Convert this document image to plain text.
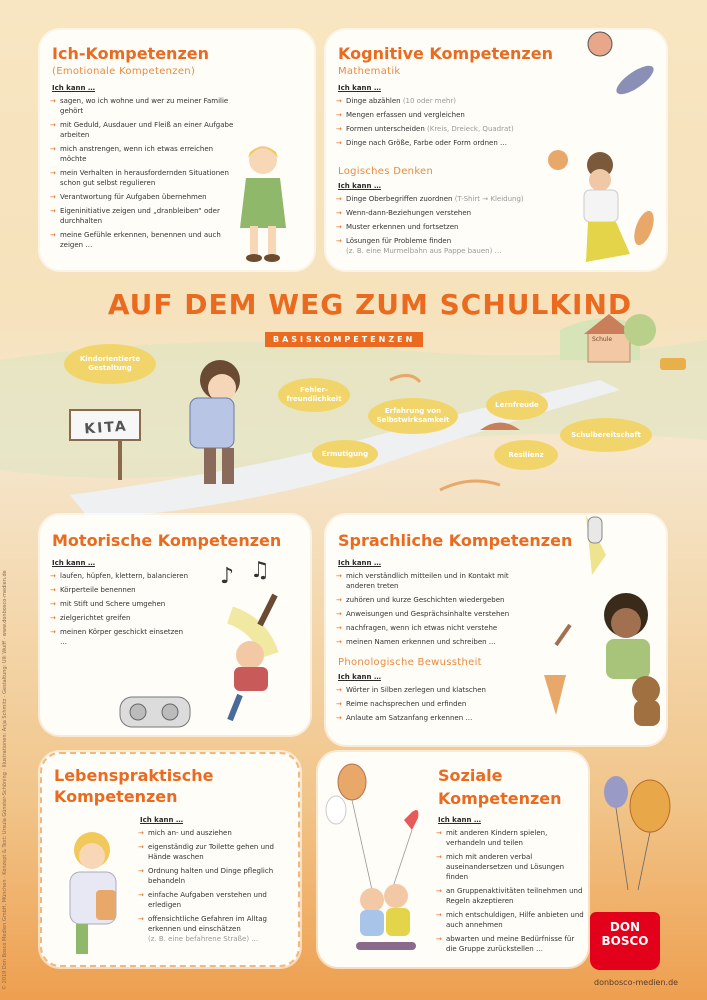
Ich-Kompetenzen
(Emotionale Kompetenzen)
Ich kann …
→ sagen, wo ich wohne und wer zu meiner Familie gehört
→ mit Geduld, Ausdauer und Fleiß an einer Aufgabe arbeiten
→ mich anstrengen, wenn ich etwas erreichen möchte
→ mein Verhalten in herausfordernden Situationen schon gut selbst regulieren
→ Verantwortung für Aufgaben übernehmen
→ Eigeninitiative zeigen und „dranbleiben“ oder durchhalten
→ meine Gefühle erkennen, benennen und auch zeigen …
Kognitive Kompetenzen
Mathematik
Ich kann …
→ Dinge abzählen (10 oder mehr)
→ Mengen erfassen und vergleichen
→ Formen unterscheiden (Kreis, Dreieck, Quadrat)
→ Dinge nach Größe, Farbe oder Form ordnen …
Logisches Denken
Ich kann …
→ Dinge Oberbegriffen zuordnen (T-Shirt → Kleidung)
→ Wenn-dann-Beziehungen verstehen
→ Muster erkennen und fortsetzen
→ Lösungen für Probleme finden
(z. B. eine Murmelbahn aus Pappe bauen) …
AUF DEM WEG ZUM SCHULKIND
BASISKOMPETENZEN
KITA
Schule
Kindorientierte Gestaltung
Fehler-freundlichkeit
Erfahrung von Selbstwirksamkeit
Lernfreude
Ermutigung	Resilienz
Schulbereitschaft
Motorische Kompetenzen
Ich kann …
→ laufen, hüpfen, klettern, balancieren
→ Körperteile benennen
→ mit Stift und Schere umgehen
→ zielgerichtet greifen
→ meinen Körper geschickt einsetzen …
♪ ♫
Sprachliche Kompetenzen
Ich kann …
→ mich verständlich mitteilen und in Kontakt mit anderen treten
→ zuhören und kurze Geschichten wiedergeben
→ Anweisungen und Gesprächsinhalte verstehen
→ nachfragen, wenn ich etwas nicht verstehe
→ meinen Namen erkennen und schreiben …
Phonologische Bewusstheit
Ich kann …
→ Wörter in Silben zerlegen und klatschen
→ Reime nachsprechen und erfinden
→ Anlaute am Satzanfang erkennen …
Lebenspraktische
Kompetenzen
Ich kann …
→ mich an- und ausziehen
→ eigenständig zur Toilette gehen und Hände waschen
→ Ordnung halten und Dinge pfleglich behandeln
→ einfache Aufgaben verstehen und erledigen
→ offensichtliche Gefahren im Alltag erkennen und einschätzen
(z. B. eine befahrene Straße) …
Soziale
Kompetenzen
Ich kann …
→ mit anderen Kindern spielen, verhandeln und teilen
→ mich mit anderen verbal auseinandersetzen und Lösungen finden
→ an Gruppenaktivitäten teilnehmen und Regeln akzeptieren
→ mich entschuldigen, Hilfe anbieten und auch annehmen
→ abwarten und meine Bedürfnisse für die Gruppe zurückstellen …
DON
BOSCO
donbosco-medien.de
© 2019 Don Bosco Medien GmbH, München · Konzept & Text: Ursula Günster-Schöning · Illustrationen: Anja Schmitz · Gestaltung: Ulli Wulff · www.donbosco-medien.de
